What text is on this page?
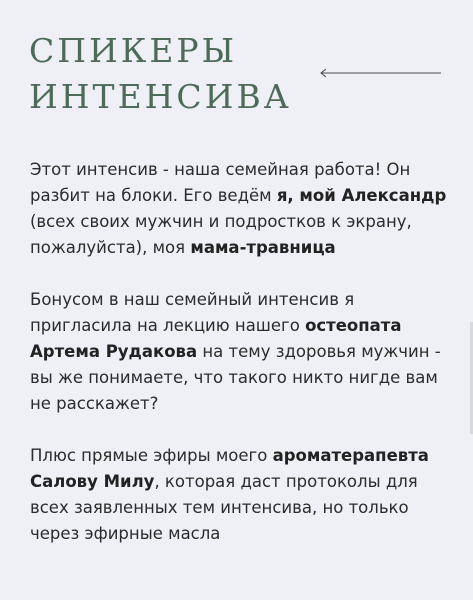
СПИКЕРЫ
ИНТЕНСИВА

Этот интенсив - наша семейная работа! Он разбит на блоки. Его ведём я, мой Александр (всех своих мужчин и подростков к экрану, пожалуйста), моя мама-травница

Бонусом в наш семейный интенсив я пригласила на лекцию нашего остеопата Артема Рудакова на тему здоровья мужчин - вы же понимаете, что такого никто нигде вам не расскажет?

Плюс прямые эфиры моего ароматерапевта Салову Милу, которая даст протоколы для всех заявленных тем интенсива, но только через эфирные масла
